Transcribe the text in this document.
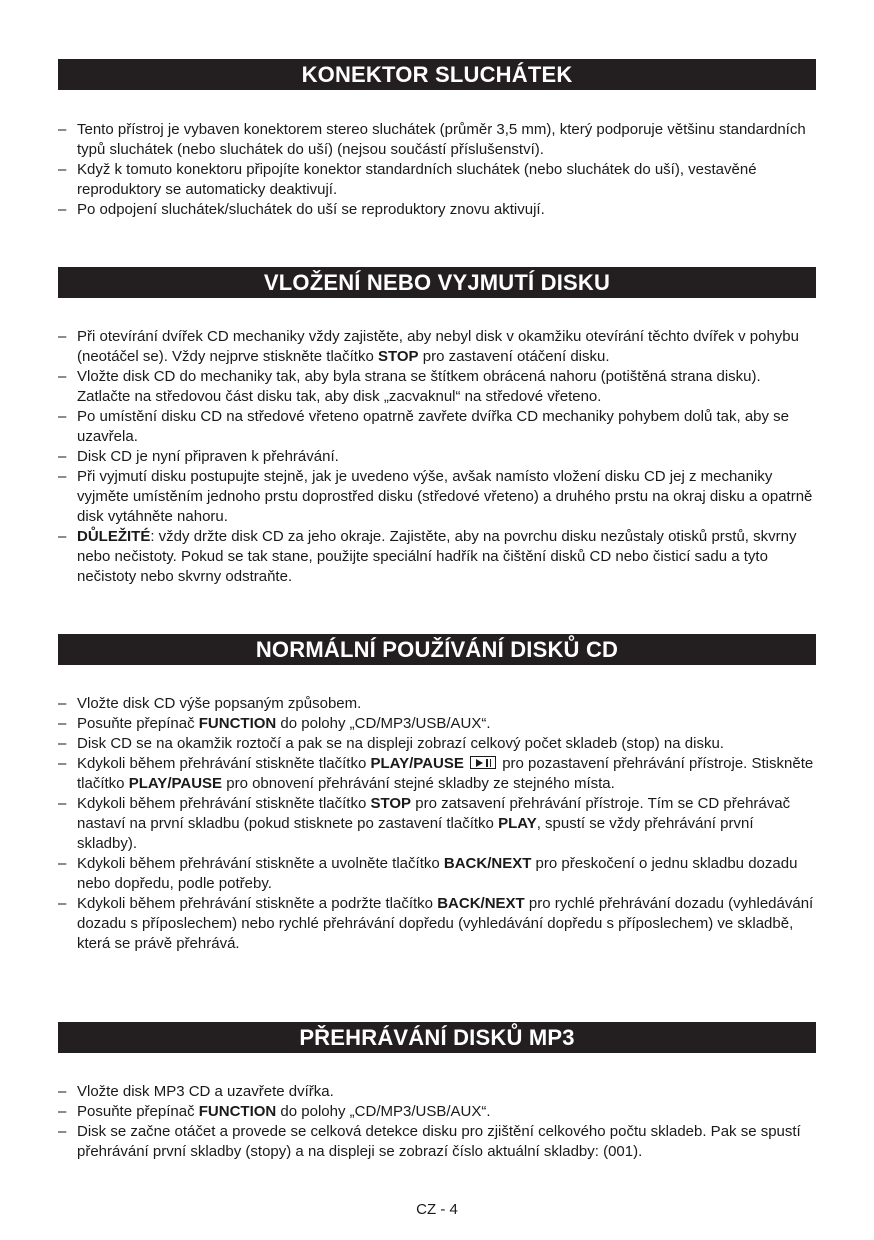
KONEKTOR SLUCHÁTEK
– Tento přístroj je vybaven konektorem stereo sluchátek (průměr 3,5 mm), který podporuje většinu standardních typů sluchátek (nebo sluchátek do uší) (nejsou součástí příslušenství).
– Když k tomuto konektoru připojíte konektor standardních sluchátek (nebo sluchátek do uší), vestavěné reproduktory se automaticky deaktivují.
– Po odpojení sluchátek/sluchátek do uší se reproduktory znovu aktivují.
VLOŽENÍ NEBO VYJMUTÍ DISKU
– Při otevírání dvířek CD mechaniky vždy zajistěte, aby nebyl disk v okamžiku otevírání těchto dvířek v pohybu (neotáčel se). Vždy nejprve stiskněte tlačítko STOP pro zastavení otáčení disku.
– Vložte disk CD do mechaniky tak, aby byla strana se štítkem obrácená nahoru (potištěná strana disku). Zatlačte na středovou část disku tak, aby disk „zacvaknul“ na středové vřeteno.
– Po umístění disku CD na středové vřeteno opatrně zavřete dvířka CD mechaniky pohybem dolů tak, aby se uzavřela.
– Disk CD je nyní připraven k přehrávání.
– Při vyjmutí disku postupujte stejně, jak je uvedeno výše, avšak namísto vložení disku CD jej z mechaniky vyjměte umístěním jednoho prstu doprostřed disku (středové vřeteno) a druhého prstu na okraj disku a opatrně disk vytáhněte nahoru.
– DŮLEŽITÉ: vždy držte disk CD za jeho okraje. Zajistěte, aby na povrchu disku nezůstaly otisků prstů, skvrny nebo nečistoty. Pokud se tak stane, použijte speciální hadřík na čištění disků CD nebo čisticí sadu a tyto nečistoty nebo skvrny odstraňte.
NORMÁLNÍ POUŽÍVÁNÍ DISKŮ CD
– Vložte disk CD výše popsaným způsobem.
– Posuňte přepínač FUNCTION do polohy „CD/MP3/USB/AUX“.
– Disk CD se na okamžik roztočí a pak se na displeji zobrazí celkový počet skladeb (stop) na disku.
– Kdykoli během přehrávání stiskněte tlačítko PLAY/PAUSE
pro pozastavení přehrávání přístroje. Stiskněte tlačítko PLAY/PAUSE pro obnovení přehrávání stejné skladby ze stejného místa.
– Kdykoli během přehrávání stiskněte tlačítko STOP pro zatsavení přehrávání přístroje. Tím se CD přehrávač nastaví na první skladbu (pokud stisknete po zastavení tlačítko PLAY, spustí se vždy přehrávání první skladby).
– Kdykoli během přehrávání stiskněte a uvolněte tlačítko BACK/NEXT pro přeskočení o jednu skladbu dozadu nebo dopředu, podle potřeby.
– Kdykoli během přehrávání stiskněte a podržte tlačítko BACK/NEXT pro rychlé přehrávání dozadu (vyhledávání dozadu s příposlechem) nebo rychlé přehrávání dopředu (vyhledávání dopředu s příposlechem) ve skladbě, která se právě přehrává.
PŘEHRÁVÁNÍ DISKŮ MP3
– Vložte disk MP3 CD a uzavřete dvířka.
– Posuňte přepínač FUNCTION do polohy „CD/MP3/USB/AUX“.
– Disk se začne otáčet a provede se celková detekce disku pro zjištění celkového počtu skladeb. Pak se spustí přehrávání první skladby (stopy) a na displeji se zobrazí číslo aktuální skladby: (001).
CZ - 4
